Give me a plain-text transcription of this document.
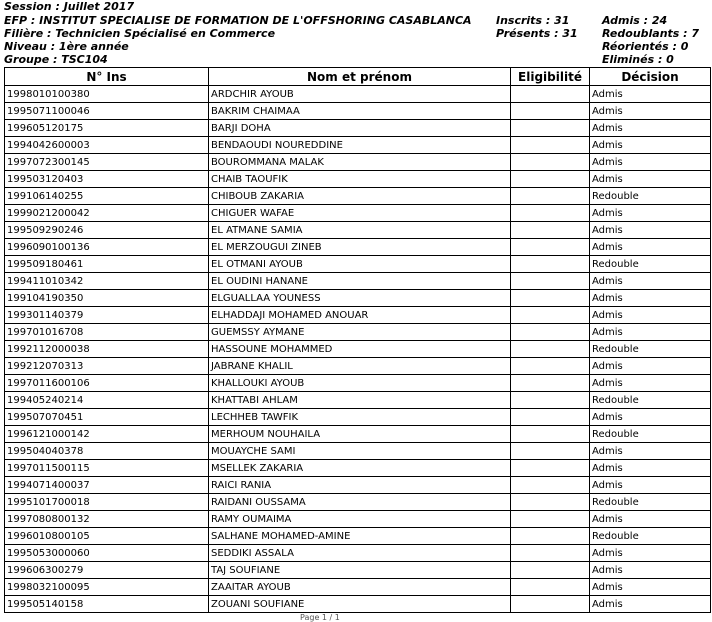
Session : Juillet 2017
EFP : INSTITUT SPECIALISE DE FORMATION DE L'OFFSHORING CASABLANCA
Filière : Technicien Spécialisé en Commerce
Niveau : 1ère année
Groupe : TSC104
Inscrits : 31
Présents : 31
Admis : 24
Redoublants : 7
Réorientés : 0
Eliminés : 0
N° Ins	Nom et prénom	Eligibilité	Décision
1998010100380	ARDCHIR AYOUB		Admis
1995071100046	BAKRIM CHAIMAA		Admis
199605120175	BARJI DOHA		Admis
1994042600003	BENDAOUDI NOUREDDINE		Admis
1997072300145	BOUROMMANA MALAK		Admis
199503120403	CHAIB TAOUFIK		Admis
199106140255	CHIBOUB ZAKARIA		Redouble
1999021200042	CHIGUER WAFAE		Admis
199509290246	EL ATMANE SAMIA		Admis
1996090100136	EL MERZOUGUI ZINEB		Admis
199509180461	EL OTMANI AYOUB		Redouble
199411010342	EL OUDINI HANANE		Admis
199104190350	ELGUALLAA YOUNESS		Admis
199301140379	ELHADDAJI MOHAMED ANOUAR		Admis
199701016708	GUEMSSY AYMANE		Admis
1992112000038	HASSOUNE MOHAMMED		Redouble
199212070313	JABRANE KHALIL		Admis
1997011600106	KHALLOUKI AYOUB		Admis
199405240214	KHATTABI AHLAM		Redouble
199507070451	LECHHEB TAWFIK		Admis
1996121000142	MERHOUM NOUHAILA		Redouble
199504040378	MOUAYCHE SAMI		Admis
1997011500115	MSELLEK ZAKARIA		Admis
1994071400037	RAICI RANIA		Admis
1995101700018	RAIDANI OUSSAMA		Redouble
1997080800132	RAMY OUMAIMA		Admis
1996010800105	SALHANE MOHAMED-AMINE		Redouble
1995053000060	SEDDIKI ASSALA		Admis
199606300279	TAJ SOUFIANE		Admis
1998032100095	ZAAITAR AYOUB		Admis
199505140158	ZOUANI SOUFIANE		Admis
Page 1 / 1
